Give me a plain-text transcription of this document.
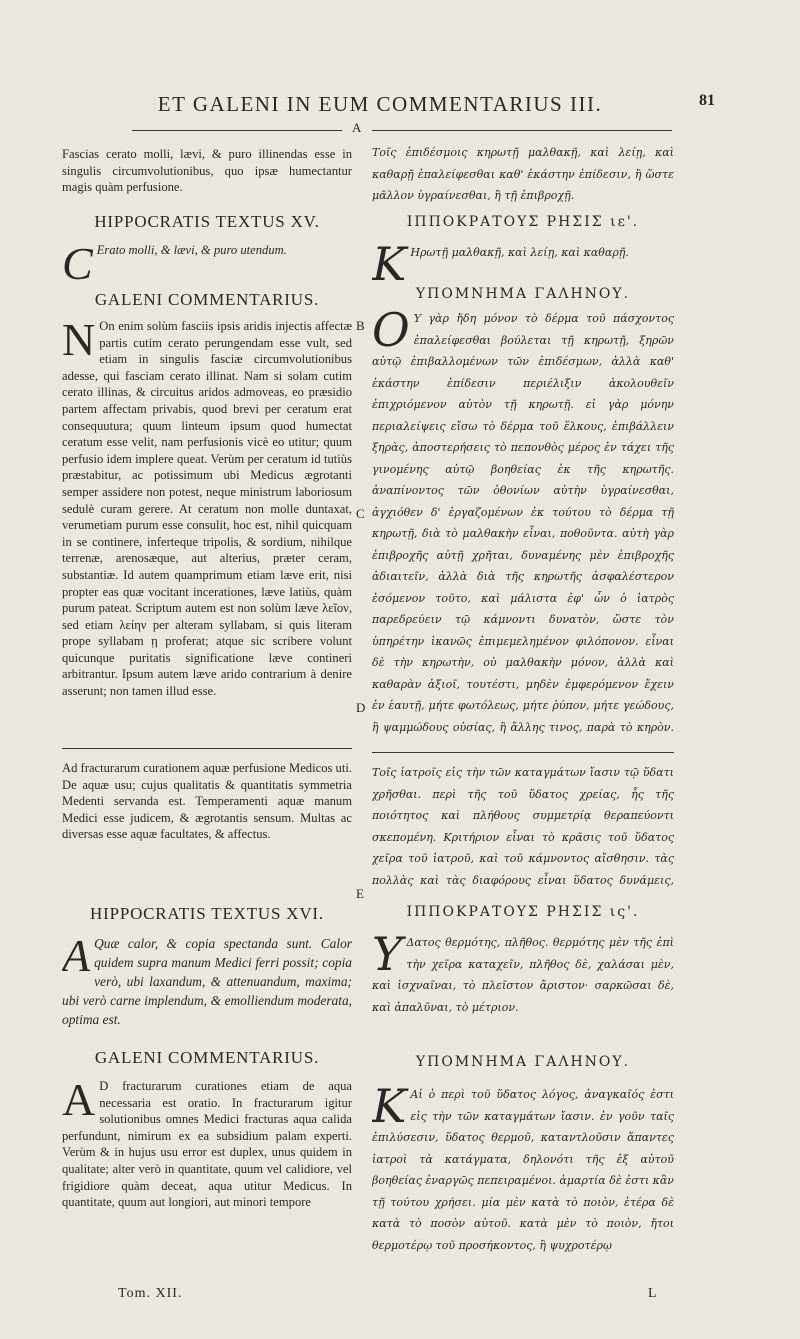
ET GALENI IN EUM COMMENTARIUS III.	81
A
B
C
D
E

Fascias cerato molli, lævi, & puro illinendas esse in singulis circumvolutionibus, quo ipsæ humectantur magis quàm perfusione.

HIPPOCRATIS TEXTUS XV.
C Erato molli, & lævi, & puro utendum.
GALENI COMMENTARIUS.
N On enim solùm fasciis ipsis aridis injectis affectæ partis cutim cerato perungendam esse vult, sed etiam in singulis fasciæ circumvolutionibus adesse, qui fasciam cerato illinat. Nam si solam cutim cerato illinas, & circuitus aridos admoveas, eo præsidio partem affectam privabis, quod brevi per ceratum erat consequutura; quum linteum ipsum quod humectat ceratum esse velit, nam perfusionis vicè eo utitur; quum perfusio idem implere queat. Verùm per ceratum id tutiùs præstabitur, ac potissimum ubi Medicus ægrotanti semper assidere non potest, neque ministrum laboriosum sedulè curam gerere. At ceratum non molle duntaxat, verumetiam purum esse consulit, hoc est, nihil quicquam in se continere, inferteque tripolis, & sordium, nihilque terrenæ, arenosæque, aut alterius, præter ceram, substantiæ. Id autem quamprimum etiam læve erit, nisi propter eas quæ vocitant incerationes, læve latiùs, quàm purum pateat. Scriptum autem est non solùm læve λεῖον, sed etiam λείην per alteram syllabam, si quis literam prope syllabam ῃ proferat; atque sic scribere volunt quicunque puritatis significatione læve contineri arbitrantur. Ipsum autem læve arido contrarium à denire asserunt; non tamen illud esse.

Ad fracturarum curationem aquæ perfusione Medicos uti. De aquæ usu; cujus qualitatis & quantitatis symmetria Medenti servanda est. Temperamenti aquæ manum Medici esse judicem, & ægrotantis sensum. Multas ac diversas esse aquæ facultates, & affectus.

HIPPOCRATIS TEXTUS XVI.
A Quæ calor, & copia spectanda sunt. Calor quidem supra manum Medici ferri possit; copia verò, ubi laxandum, & attenuandum, maxima; ubi verò carne implendum, & emolliendum moderata, optima est.
GALENI COMMENTARIUS.
A D fracturarum curationes etiam de aqua necessaria est oratio. In fracturarum igitur solutionibus omnes Medici fracturas aqua calida perfundunt, nimirum ex ea subsidium palam experti. Verùm & in hujus usu error est duplex, unus quidem in qualitate; alter verò in quantitate, quum vel calidiore, vel frigidiore quàm deceat, aqua utitur Medicus. In quantitate, quum aut longiori, aut minori tempore
Tom. XII.

Τοῖς ἐπιδέσμοις κηρωτῇ μαλθακῇ, καὶ λείῃ, καὶ καθαρῇ ἐπαλείφεσθαι καθ' ἑκάστην ἐπίδεσιν, ἢ ὥστε μᾶλλον ὑγραίνεσθαι, ἢ τῇ ἐπιβροχῇ.

ΙΠΠΟΚΡΑΤΟΥΣ ΡΗΣΙΣ ιε'.
Κ Ηρωτῇ μαλθακῇ, καὶ λείῃ, καὶ καθαρῇ.
ΥΠΟΜΝΗΜΑ ΓΑΛΗΝΟΥ.
Ο Υ γὰρ ἤδη μόνον τὸ δέρμα τοῦ πάσχοντος ἐπαλείφεσθαι βούλεται τῇ κηρωτῇ, ξηρῶν αὐτῷ ἐπιβαλλομένων τῶν ἐπιδέσμων, ἀλλὰ καθ' ἑκάστην ἐπίδεσιν περιέλιξιν ἀκολουθεῖν ἐπιχριόμενον αὐτὸν τῇ κηρωτῇ. εἰ γὰρ μόνην περιαλείψεις εἴσω τὸ δέρμα τοῦ ἕλκους, ἐπιβάλλειν ξηρὰς, ἀποστερήσεις τὸ πεπονθὸς μέρος ἐν τάχει τῆς γινομένης αὐτῷ βοηθείας ἐκ τῆς κηρωτῆς. ἀναπίνοντος τῶν ὀθονίων αὐτὴν ὑγραίνεσθαι, ἀγχιόθεν δ' ἐργαζομένων ἐκ τούτου τὸ δέρμα τῇ κηρωτῇ, διὰ τὸ μαλθακὴν εἶναι, ποθοῦντα. αὐτὴ γὰρ ἐπιβροχῆς αὐτῇ χρῆται, δυναμένης μὲν ἐπιβροχῆς ἀδιαιτεῖν, ἀλλὰ διὰ τῆς κηρωτῆς ἀσφαλέστερον ἐσόμενον τοῦτο, καὶ μάλιστα ἐφ' ὧν ὁ ἰατρὸς παρεδρεύειν τῷ κάμνοντι δυνατὸν, ὥστε τὸν ὑπηρέτην ἱκανῶς ἐπιμεμελημένον φιλόπονον. εἶναι δὲ τὴν κηρωτὴν, οὐ μαλθακὴν μόνον, ἀλλὰ καὶ καθαρὰν ἀξιοῖ, τουτέστι, μηδὲν ἐμφερόμενον ἔχειν ἐν ἑαυτῇ, μήτε φωτόλεως, μήτε ῥύπον, μήτε γεώδους, ἢ ψαμμώδους οὐσίας, ἢ ἄλλης τινος, παρὰ τὸ κηρὸν.

Τοῖς ἰατροῖς εἰς τὴν τῶν καταγμάτων ἴασιν τῷ ὕδατι χρῆσθαι. περὶ τῆς τοῦ ὕδατος χρείας, ἧς τῆς ποιότητος καὶ πλήθους συμμετρίᾳ θεραπεύοντι σκεπομένη. Κριτήριον εἶναι τὸ κρᾶσις τοῦ ὕδατος χεῖρα τοῦ ἰατροῦ, καὶ τοῦ κάμνοντος αἴσθησιν. τὰς πολλὰς καὶ τὰς διαφόρους εἶναι ὕδατος δυνάμεις,

ΙΠΠΟΚΡΑΤΟΥΣ ΡΗΣΙΣ ις'.
Υ Δατος θερμότης, πλῆθος. θερμότης μὲν τῆς ἐπὶ τὴν χεῖρα καταχεῖν, πλῆθος δὲ, χαλάσαι μὲν, καὶ ἰσχναῖναι, τὸ πλεῖστον ἄριστον· σαρκῶσαι δὲ, καὶ ἁπαλῦναι, τὸ μέτριον.
ΥΠΟΜΝΗΜΑ ΓΑΛΗΝΟΥ.
Κ Αἰ ὁ περὶ τοῦ ὕδατος λόγος, ἀναγκαῖός ἐστι εἰς τὴν τῶν καταγμάτων ἴασιν. ἐν γοῦν ταῖς ἐπιλύσεσιν, ὕδατος θερμοῦ, καταντλοῦσιν ἅπαντες ἰατροὶ τὰ κατάγματα, δηλονότι τῆς ἐξ αὐτοῦ βοηθείας ἐναργῶς πεπειραμένοι. ἁμαρτία δὲ ἐστι κἂν τῇ τούτου χρήσει. μία μὲν κατὰ τὸ ποιὸν, ἑτέρα δὲ κατὰ τὸ ποσὸν αὐτοῦ. κατὰ μὲν τὸ ποιὸν, ἤτοι θερμοτέρῳ τοῦ προσήκοντος, ἢ ψυχροτέρῳ
L
